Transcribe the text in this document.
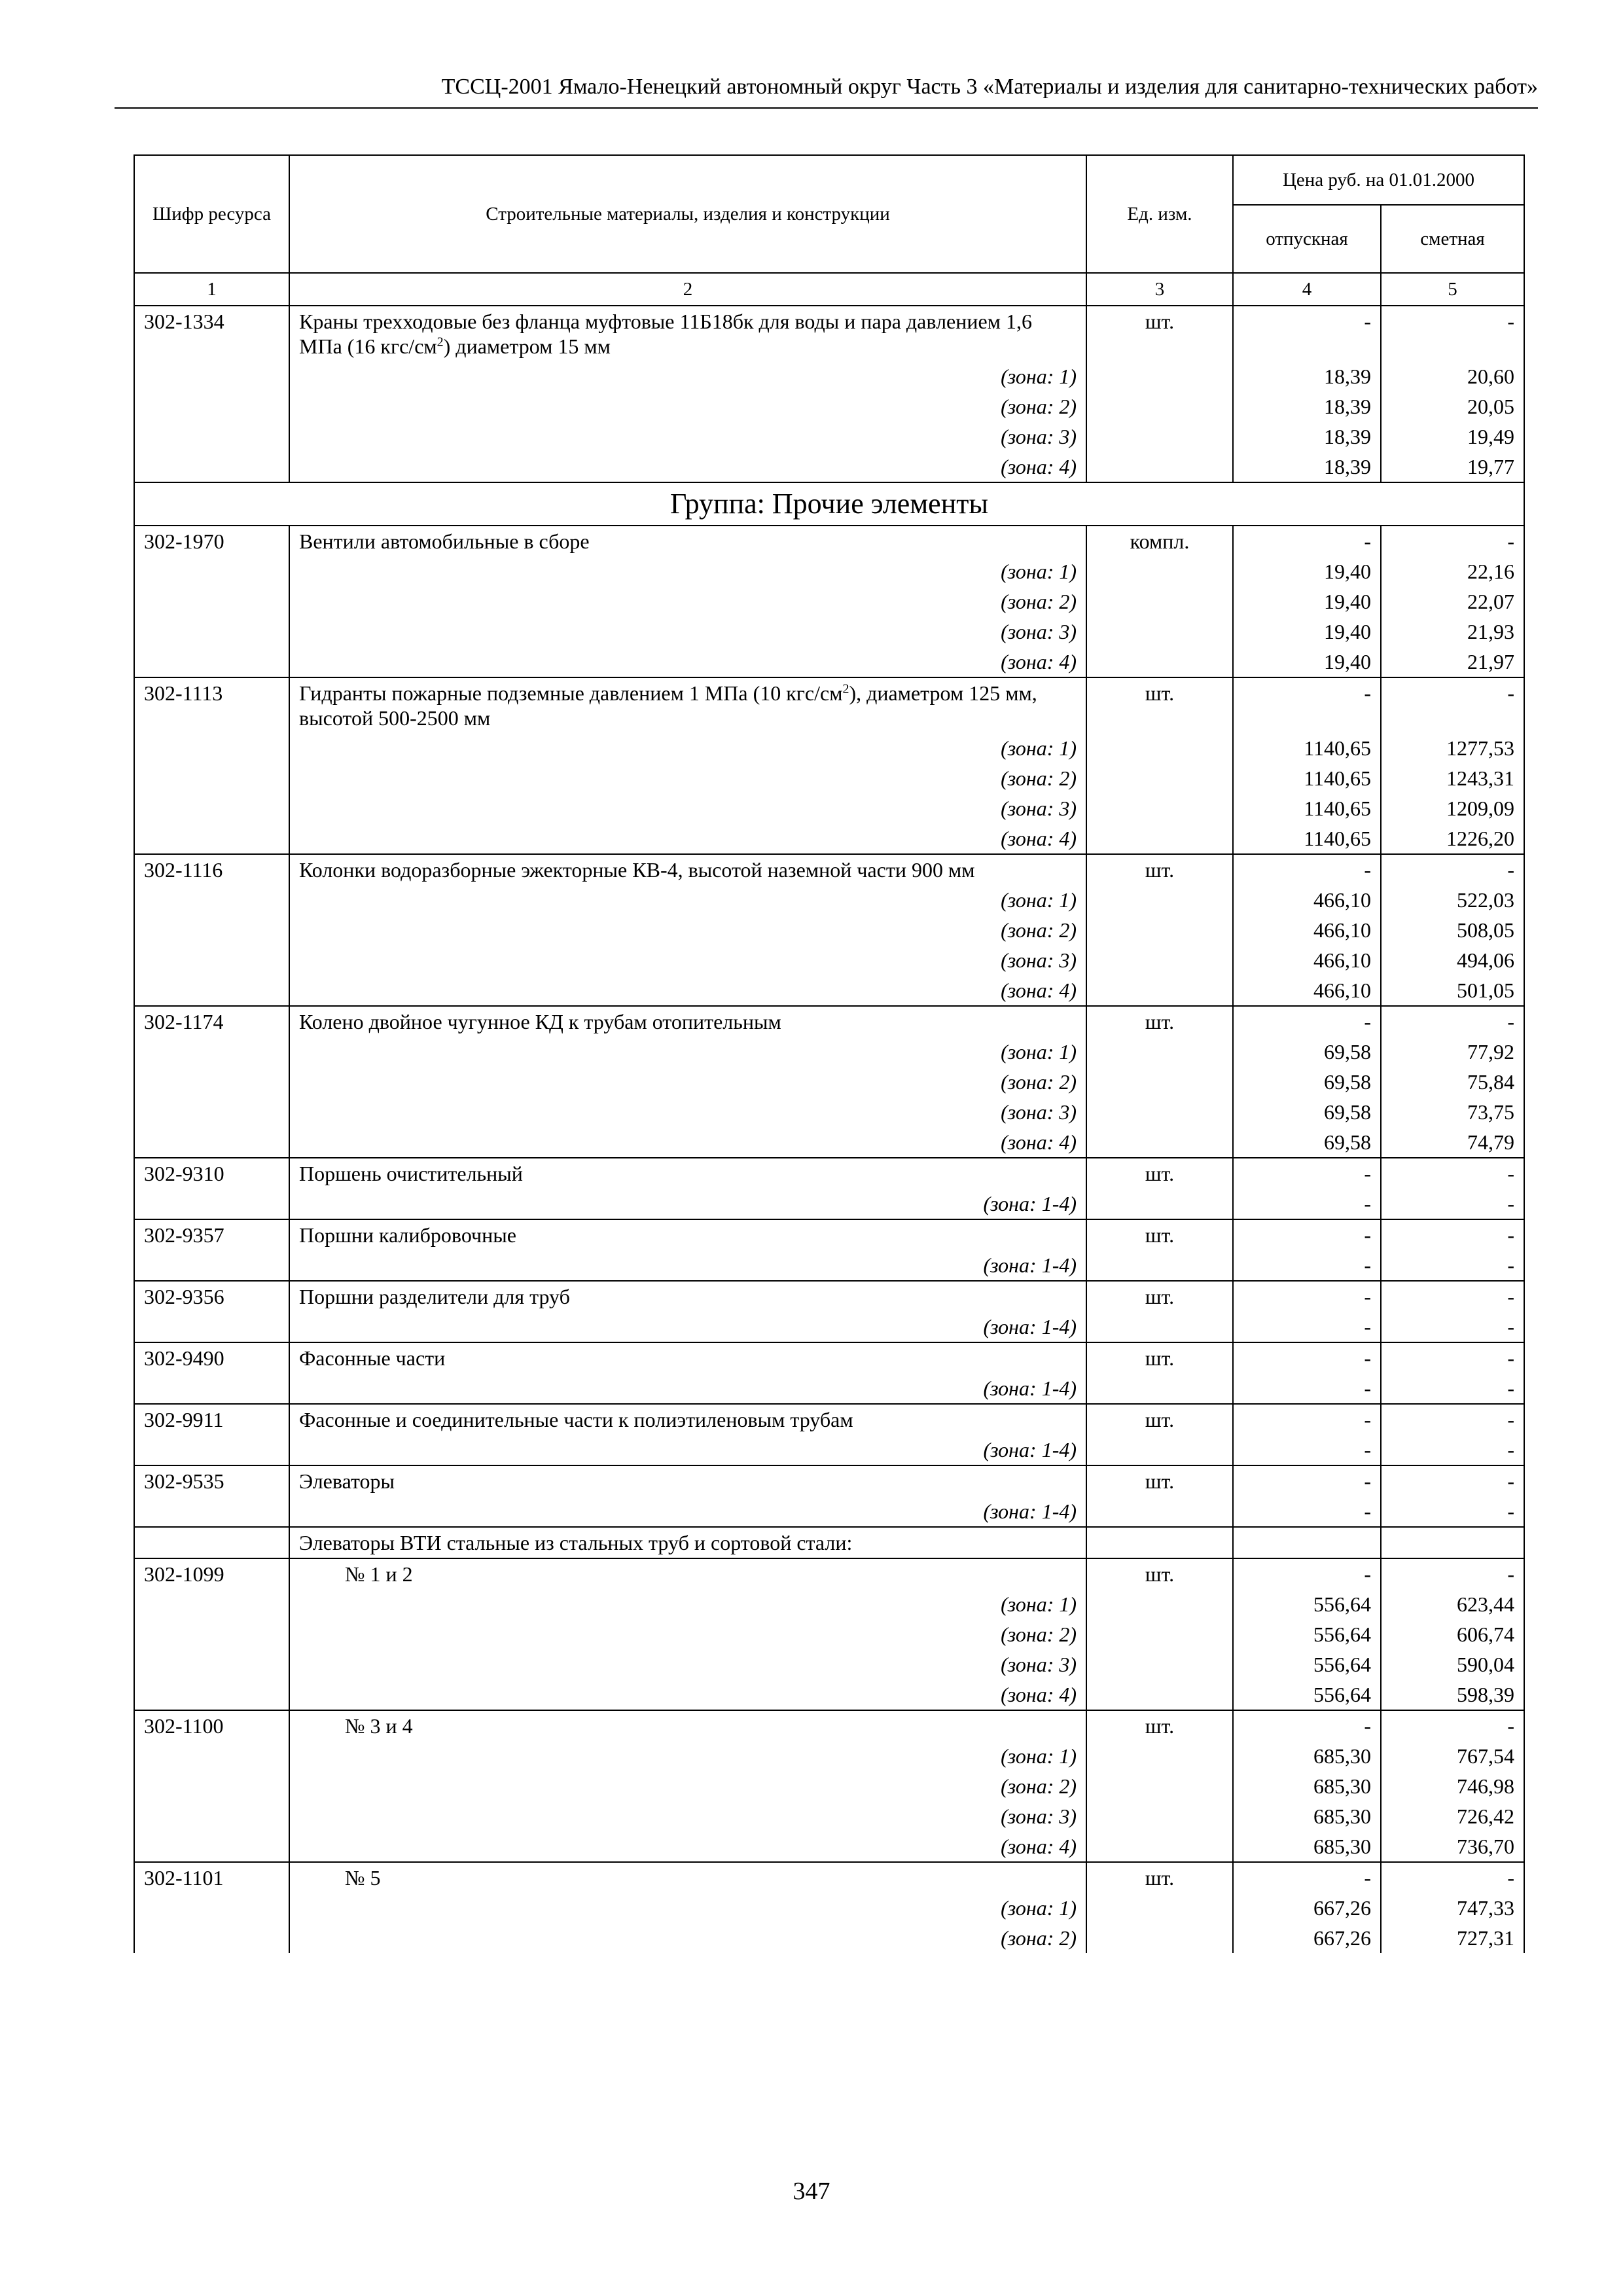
ТССЦ-2001 Ямало-Ненецкий автономный округ Часть 3 «Материалы и изделия для санитарно-технических работ»
Шифр ресурса	Строительные материалы, изделия и конструкции	Ед. изм.	Цена руб. на 01.01.2000	
			отпускная	сметная
1	2	3	4	5
302-1334	Краны трехходовые без фланца муфтовые 11Б18бк для воды и пара давлением 1,6 МПа (16 кгс/$см^2$) диаметром 15 мм	шт.	-	-
	(зона: 1)		18,39	20,60
	(зона: 2)		18,39	20,05
	(зона: 3)		18,39	19,49
	(зона: 4)		18,39	19,77
Группа: Прочие элементы				
302-1970	Вентили автомобильные в сборе	компл.	-	-
	(зона: 1)		19,40	22,16
	(зона: 2)		19,40	22,07
	(зона: 3)		19,40	21,93
	(зона: 4)		19,40	21,97
302-1113	Гидранты пожарные подземные давлением 1 МПа (10 кгс/$см^2$), диаметром 125 мм, высотой 500-2500 мм	шт.	-	-
	(зона: 1)		1140,65	1277,53
	(зона: 2)		1140,65	1243,31
	(зона: 3)		1140,65	1209,09
	(зона: 4)		1140,65	1226,20
302-1116	Колонки водоразборные эжекторные КВ-4, высотой наземной части 900 мм	шт.	-	-
	(зона: 1)		466,10	522,03
	(зона: 2)		466,10	508,05
	(зона: 3)		466,10	494,06
	(зона: 4)		466,10	501,05
302-1174	Колено двойное чугунное КД к трубам отопительным	шт.	-	-
	(зона: 1)		69,58	77,92
	(зона: 2)		69,58	75,84
	(зона: 3)		69,58	73,75
	(зона: 4)		69,58	74,79
302-9310	Поршень очистительный	шт.	-	-
	(зона: 1-4)		-	-
302-9357	Поршни калибровочные	шт.	-	-
	(зона: 1-4)		-	-
302-9356	Поршни разделители для труб	шт.	-	-
	(зона: 1-4)		-	-
302-9490	Фасонные части	шт.	-	-
	(зона: 1-4)		-	-
302-9911	Фасонные и соединительные части к полиэтиленовым трубам	шт.	-	-
	(зона: 1-4)		-	-
302-9535	Элеваторы	шт.	-	-
	(зона: 1-4)		-	-
	Элеваторы ВТИ стальные из стальных труб и сортовой стали:			
302-1099	№ 1 и 2	шт.	-	-
	(зона: 1)		556,64	623,44
	(зона: 2)		556,64	606,74
	(зона: 3)		556,64	590,04
	(зона: 4)		556,64	598,39
302-1100	№ 3 и 4	шт.	-	-
	(зона: 1)		685,30	767,54
	(зона: 2)		685,30	746,98
	(зона: 3)		685,30	726,42
	(зона: 4)		685,30	736,70
302-1101	№ 5	шт.	-	-
	(зона: 1)		667,26	747,33
	(зона: 2)		667,26	727,31
347
